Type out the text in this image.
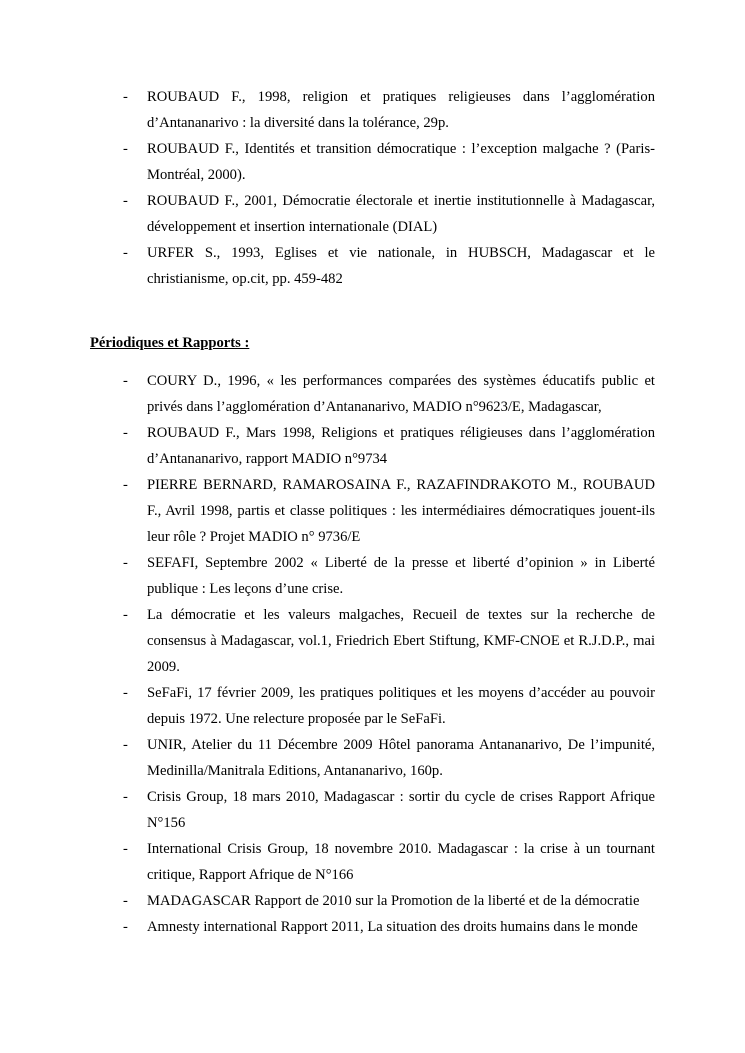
- ROUBAUD F., 1998, religion et pratiques religieuses dans l’agglomération d’Antananarivo : la diversité dans la tolérance, 29p.
- ROUBAUD F., Identités et transition démocratique : l’exception malgache ? (Paris-Montréal, 2000).
- ROUBAUD F., 2001, Démocratie électorale et inertie institutionnelle à Madagascar, développement et insertion internationale (DIAL)
- URFER S., 1993, Eglises et vie nationale, in HUBSCH, Madagascar et le christianisme, op.cit, pp. 459-482

Périodiques et Rapports :

- COURY D., 1996, « les performances comparées des systèmes éducatifs public et privés dans l’agglomération d’Antananarivo, MADIO n°9623/E, Madagascar,
- ROUBAUD F., Mars 1998, Religions et pratiques réligieuses dans l’agglomération d’Antananarivo, rapport MADIO n°9734
- PIERRE BERNARD, RAMAROSAINA F., RAZAFINDRAKOTO M., ROUBAUD F., Avril 1998, partis et classe politiques : les intermédiaires démocratiques jouent-ils leur rôle ? Projet MADIO n° 9736/E
- SEFAFI, Septembre 2002 « Liberté de la presse et liberté d’opinion » in Liberté publique : Les leçons d’une crise.
- La démocratie et les valeurs malgaches, Recueil de textes sur la recherche de consensus à Madagascar, vol.1, Friedrich Ebert Stiftung, KMF-CNOE et R.J.D.P., mai 2009.
- SeFaFi, 17 février 2009, les pratiques politiques et les moyens d’accéder au pouvoir depuis 1972. Une relecture proposée par le SeFaFi.
- UNIR, Atelier du 11 Décembre 2009 Hôtel panorama Antananarivo, De l’impunité, Medinilla/Manitrala Editions, Antananarivo, 160p.
- Crisis Group, 18 mars 2010, Madagascar : sortir du cycle de crises Rapport Afrique N°156
- International Crisis Group, 18 novembre 2010. Madagascar : la crise à un tournant critique, Rapport Afrique de N°166
- MADAGASCAR Rapport de 2010 sur la Promotion de la liberté et de la démocratie
- Amnesty international Rapport 2011, La situation des droits humains dans le monde
